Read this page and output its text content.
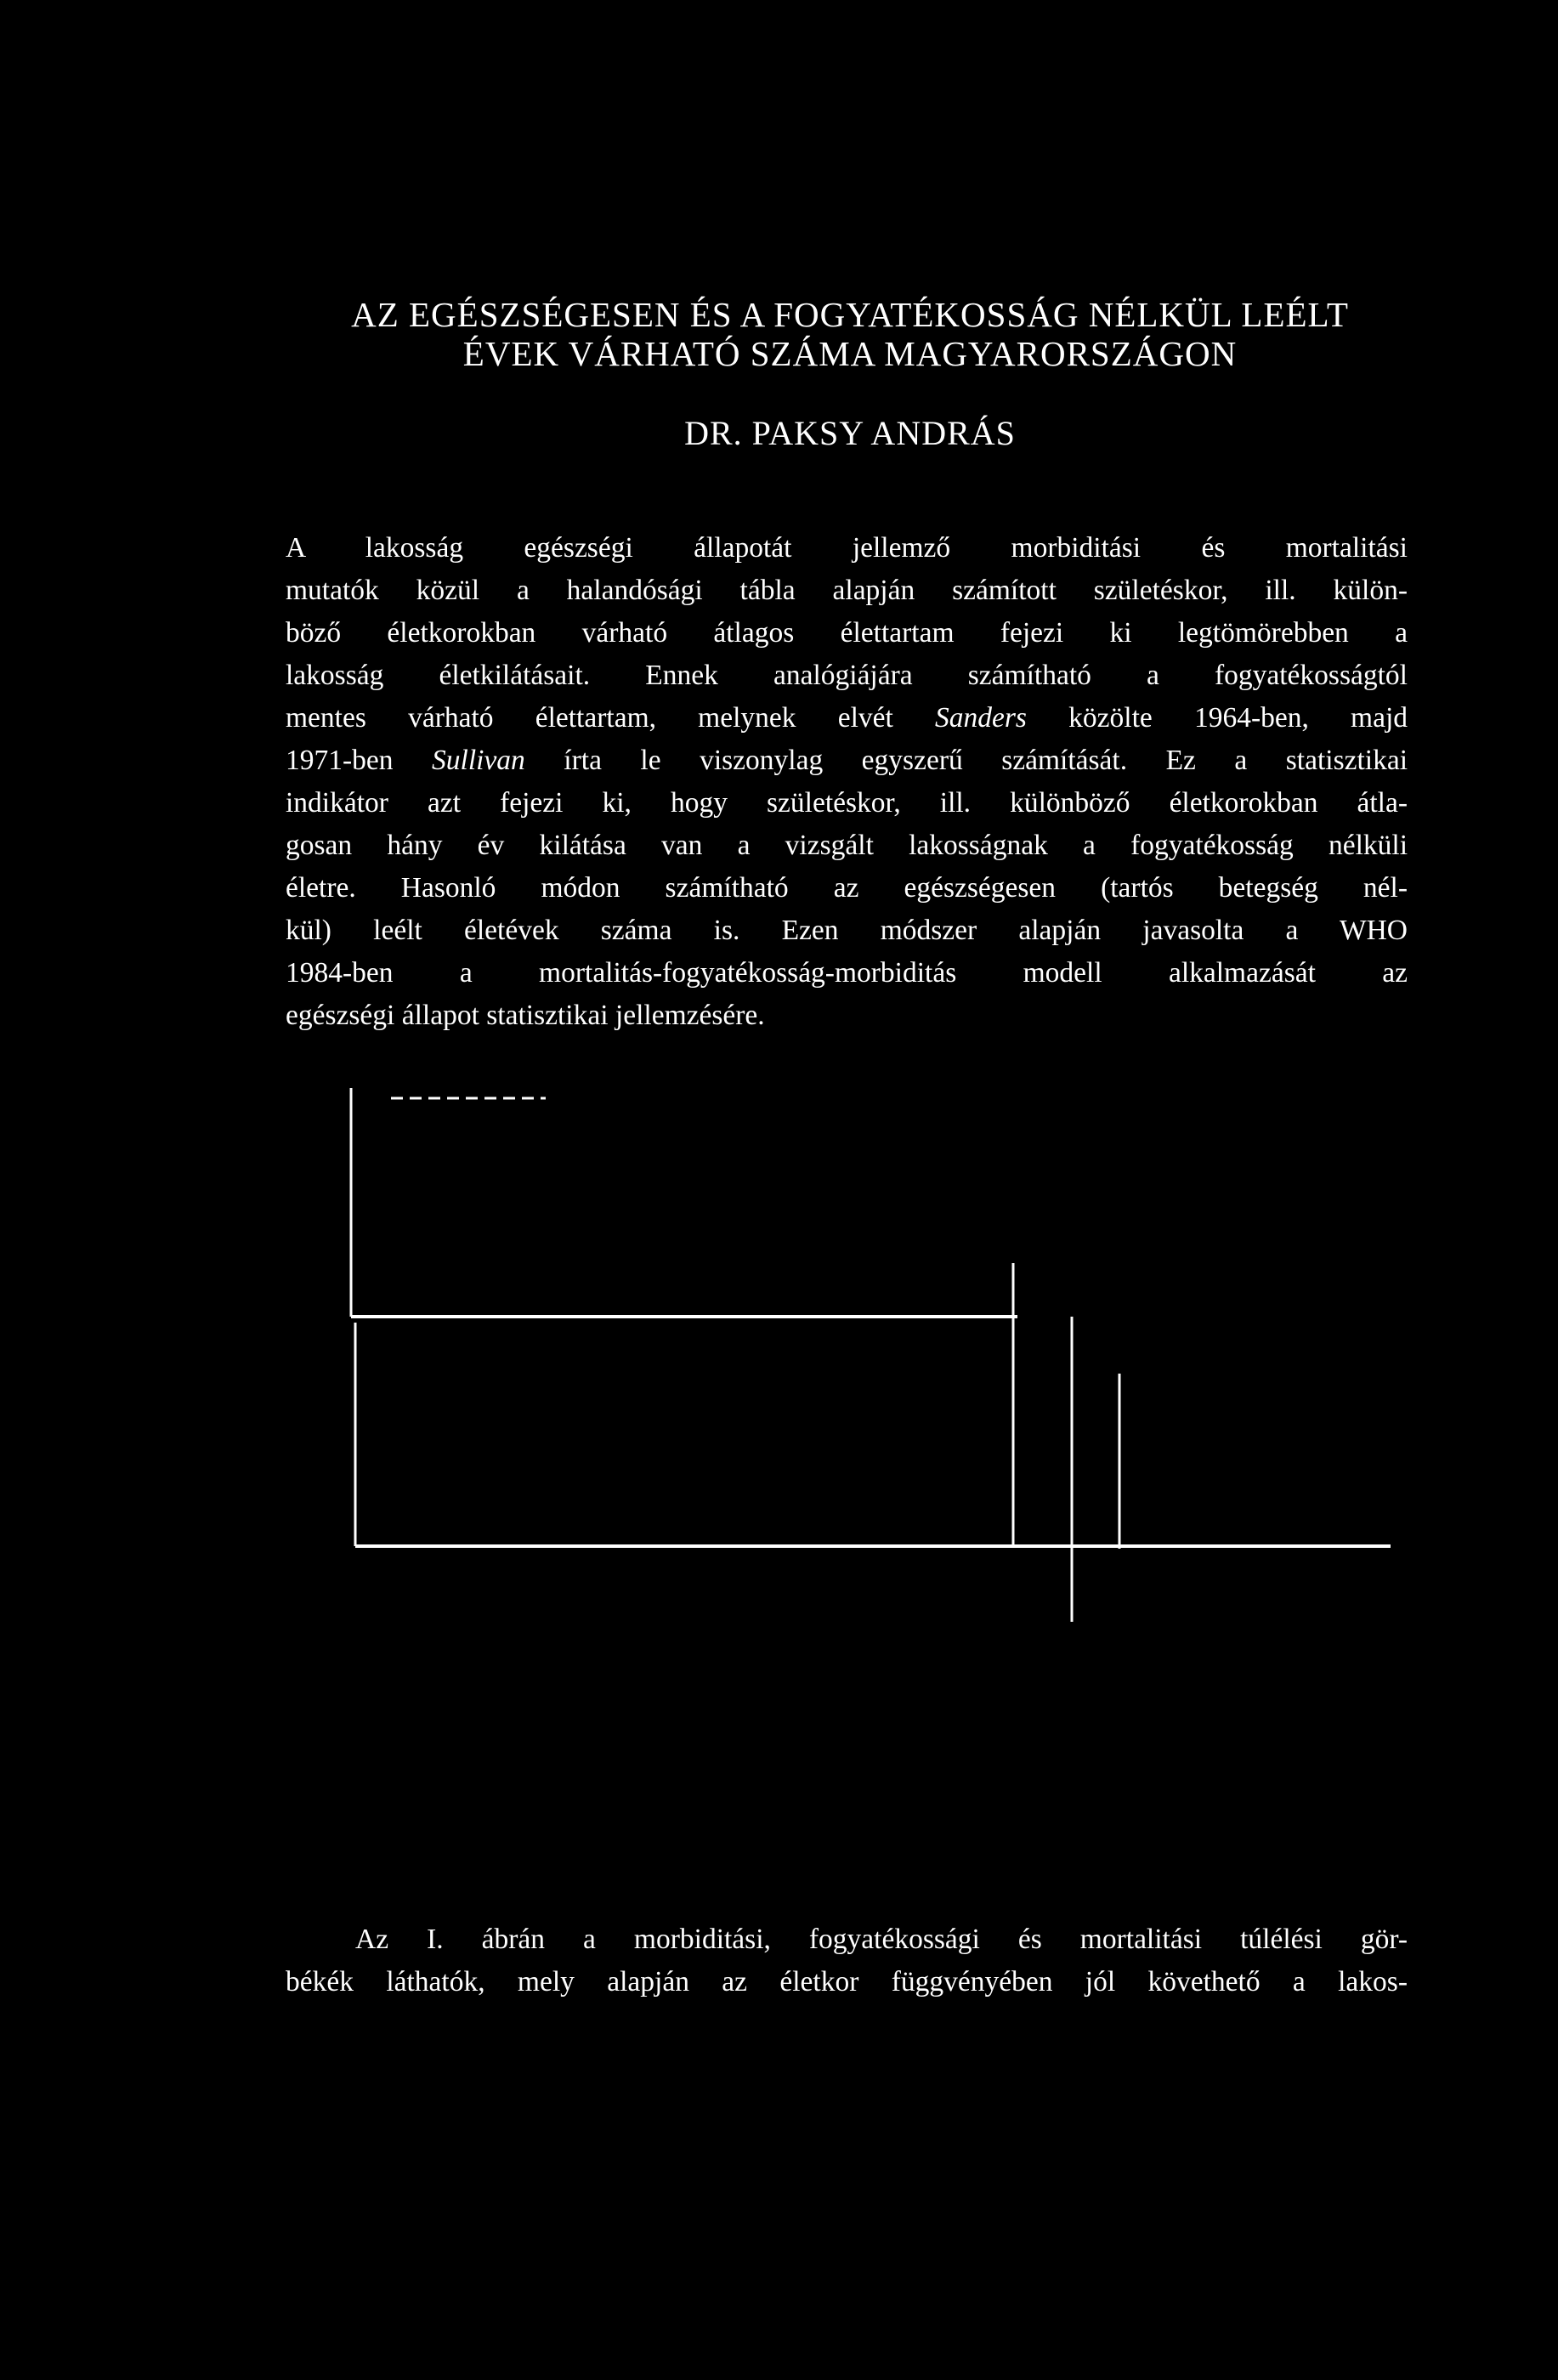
AZ EGÉSZSÉGESEN ÉS A FOGYATÉKOSSÁG NÉLKÜL LEÉLT
ÉVEK VÁRHATÓ SZÁMA MAGYARORSZÁGON

DR. PAKSY ANDRÁS

A lakosság egészségi állapotát jellemző morbiditási és mortalitási
mutatók közül a halandósági tábla alapján számított születéskor, ill. külön-
böző életkorokban várható átlagos élettartam fejezi ki legtömörebben a
lakosság életkilátásait. Ennek analógiájára számítható a fogyatékosságtól
mentes várható élettartam, melynek elvét Sanders közölte 1964-ben, majd
1971-ben Sullivan írta le viszonylag egyszerű számítását. Ez a statisztikai
indikátor azt fejezi ki, hogy születéskor, ill. különböző életkorokban átla-
gosan hány év kilátása van a vizsgált lakosságnak a fogyatékosság nélküli
életre. Hasonló módon számítható az egészségesen (tartós betegség nél-
kül) leélt életévek száma is. Ezen módszer alapján javasolta a WHO
1984-ben a mortalitás-fogyatékosság-morbiditás modell alkalmazását az
egészségi állapot statisztikai jellemzésére.
Az I. ábrán a morbiditási, fogyatékossági és mortalitási túlélési gör-
békék láthatók, mely alapján az életkor függvényében jól követhető a lakos-
